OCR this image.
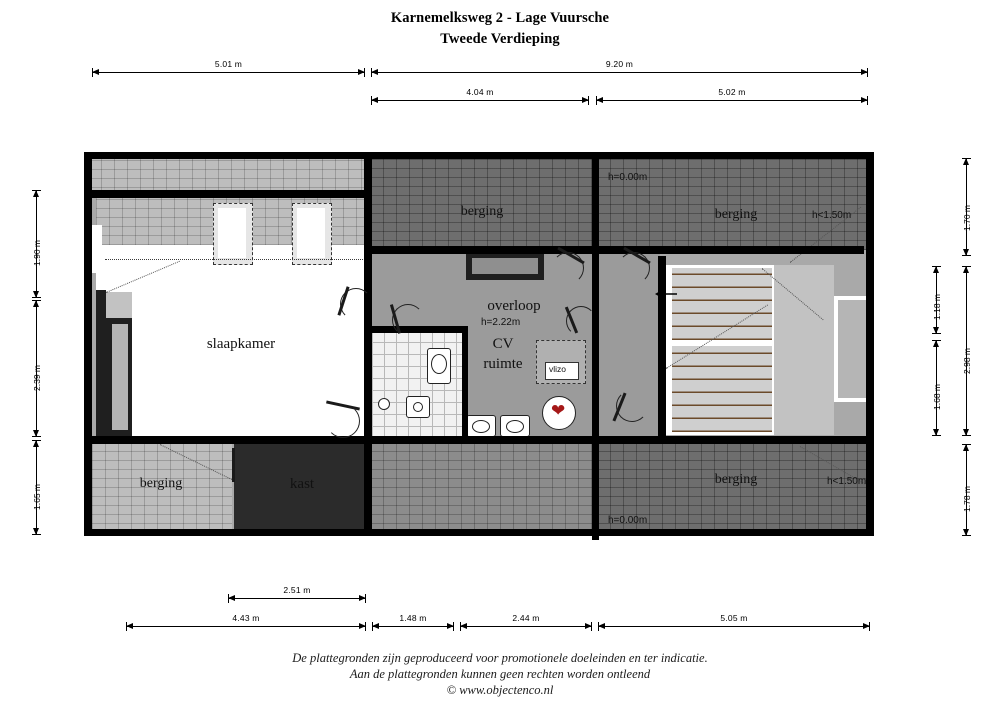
Karnemelksweg 2 - Lage Vuursche
Tweede Verdieping
5.01 m	9.20 m
4.04 m	5.02 m
1.90 m
2.39 m
1.65 m
1.70 m
2.98 m
1.78 m
1.18 m
1.68 m
vlizo
❤
slaapkamer
overloop
h=2.22m
CV
ruimte
kast
berging	berging
berging	berging
h=0.00m
h<1.50m
h=0.00m
h<1.50m
2.51 m
4.43 m	1.48 m	2.44 m	5.05 m
De plattegronden zijn geproduceerd voor promotionele doeleinden en ter indicatie.
Aan de plattegronden kunnen geen rechten worden ontleend
© www.objectenco.nl
